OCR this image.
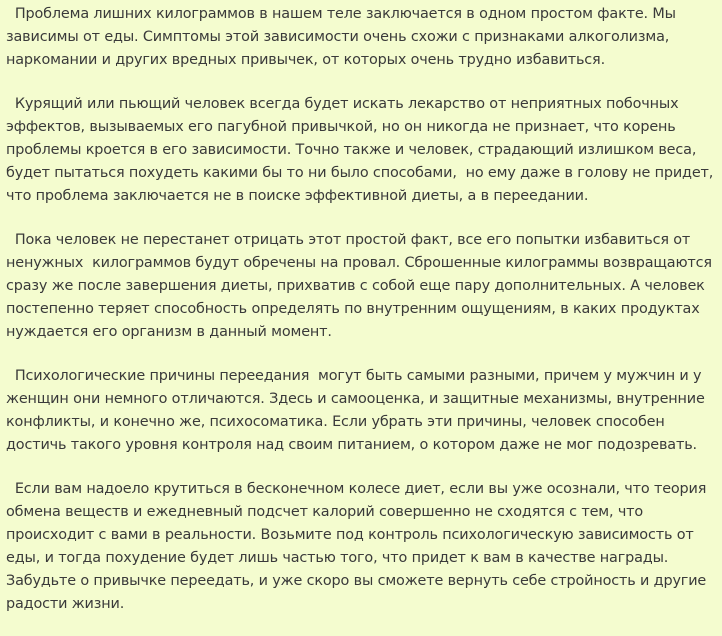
Проблема лишних килограммов в нашем теле заключается в одном простом факте. Мы
зависимы от еды. Симптомы этой зависимости очень схожи с признаками алкоголизма,
наркомании и других вредных привычек, от которых очень трудно избавиться.
Курящий или пьющий человек всегда будет искать лекарство от неприятных побочных
эффектов, вызываемых его пагубной привычкой, но он никогда не признает, что корень
проблемы кроется в его зависимости. Точно также и человек, страдающий излишком веса,
будет пытаться похудеть какими бы то ни было способами,  но ему даже в голову не придет,
что проблема заключается не в поиске эффективной диеты, а в переедании.
Пока человек не перестанет отрицать этот простой факт, все его попытки избавиться от
ненужных  килограммов будут обречены на провал. Сброшенные килограммы возвращаются
сразу же после завершения диеты, прихватив с собой еще пару дополнительных. А человек
постепенно теряет способность определять по внутренним ощущениям, в каких продуктах
нуждается его организм в данный момент.
Психологические причины переедания  могут быть самыми разными, причем у мужчин и у
женщин они немного отличаются. Здесь и самооценка, и защитные механизмы, внутренние
конфликты, и конечно же, психосоматика. Если убрать эти причины, человек способен
достичь такого уровня контроля над своим питанием, о котором даже не мог подозревать.
Если вам надоело крутиться в бесконечном колесе диет, если вы уже осознали, что теория
обмена веществ и ежедневный подсчет калорий совершенно не сходятся с тем, что
происходит с вами в реальности. Возьмите под контроль психологическую зависимость от
еды, и тогда похудение будет лишь частью того, что придет к вам в качестве награды.
Забудьте о привычке переедать, и уже скоро вы сможете вернуть себе стройность и другие
радости жизни.
